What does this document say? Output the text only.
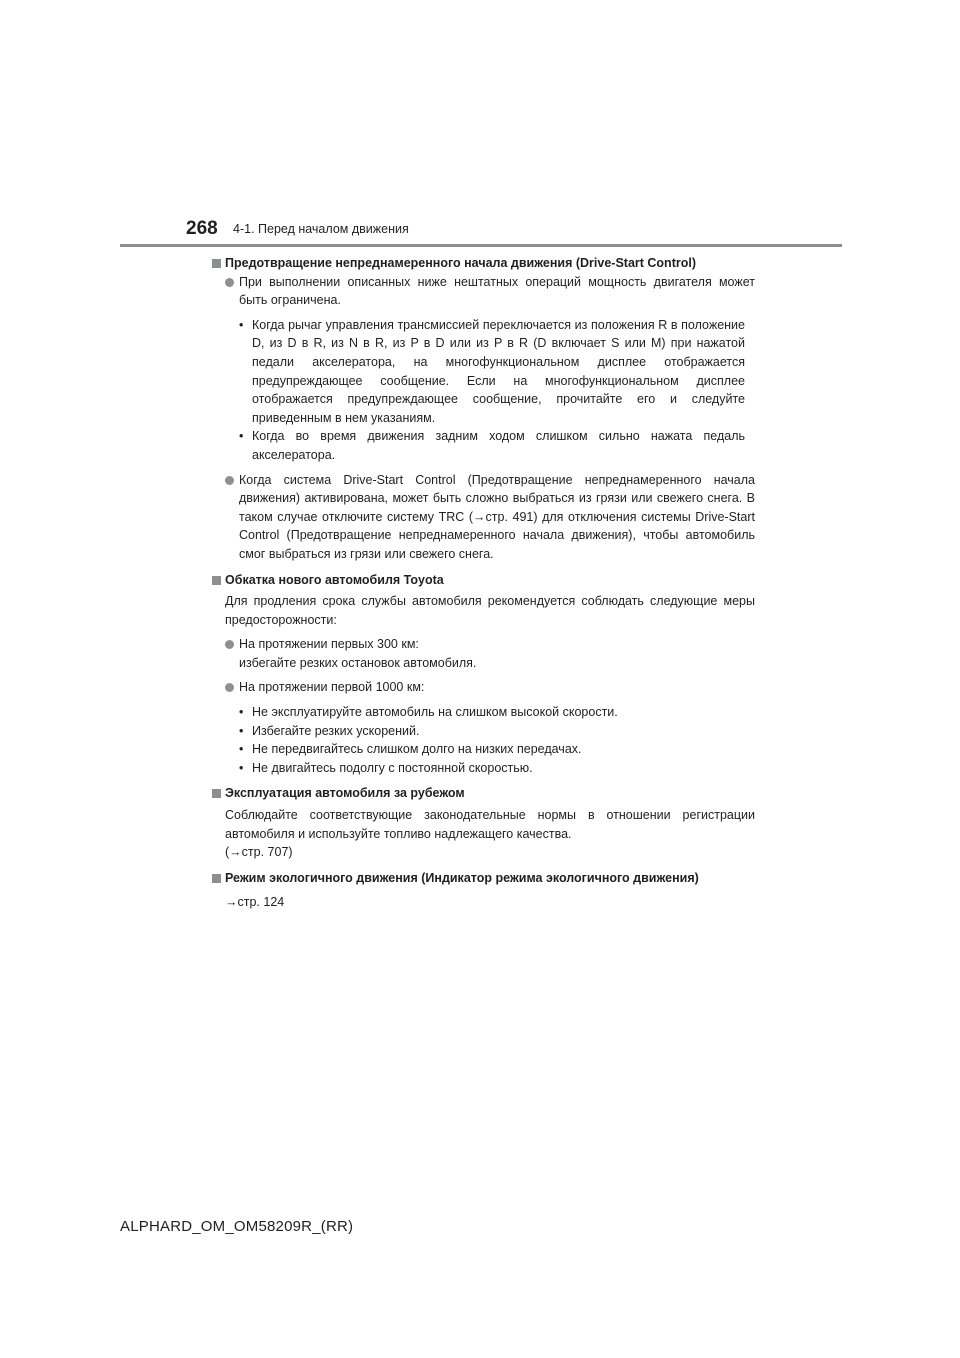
268 4-1. Перед началом движения
Предотвращение непреднамеренного начала движения (Drive-Start Control)
При выполнении описанных ниже нештатных операций мощность двигателя может быть ограничена.
• Когда рычаг управления трансмиссией переключается из положения R в положение D, из D в R, из N в R, из P в D или из P в R (D включает S или M) при нажатой педали акселератора, на многофункциональном дисплее отображается предупреждающее сообщение. Если на многофункциональном дисплее отображается предупреждающее сообщение, прочитайте его и следуйте приведенным в нем указаниям.
• Когда во время движения задним ходом слишком сильно нажата педаль акселератора.
Когда система Drive-Start Control (Предотвращение непреднамеренного начала движения) активирована, может быть сложно выбраться из грязи или свежего снега. В таком случае отключите систему TRC (→стр. 491) для отключения системы Drive-Start Control (Предотвращение непреднамеренного начала движения), чтобы автомобиль смог выбраться из грязи или свежего снега.
Обкатка нового автомобиля Toyota
Для продления срока службы автомобиля рекомендуется соблюдать следующие меры предосторожности:
На протяжении первых 300 км:
избегайте резких остановок автомобиля.
На протяжении первой 1000 км:
• Не эксплуатируйте автомобиль на слишком высокой скорости.
• Избегайте резких ускорений.
• Не передвигайтесь слишком долго на низких передачах.
• Не двигайтесь подолгу с постоянной скоростью.
Эксплуатация автомобиля за рубежом
Соблюдайте соответствующие законодательные нормы в отношении регистрации автомобиля и используйте топливо надлежащего качества.
(→стр. 707)
Режим экологичного движения (Индикатор режима экологичного движения)
→стр. 124
ALPHARD_OM_OM58209R_(RR)
